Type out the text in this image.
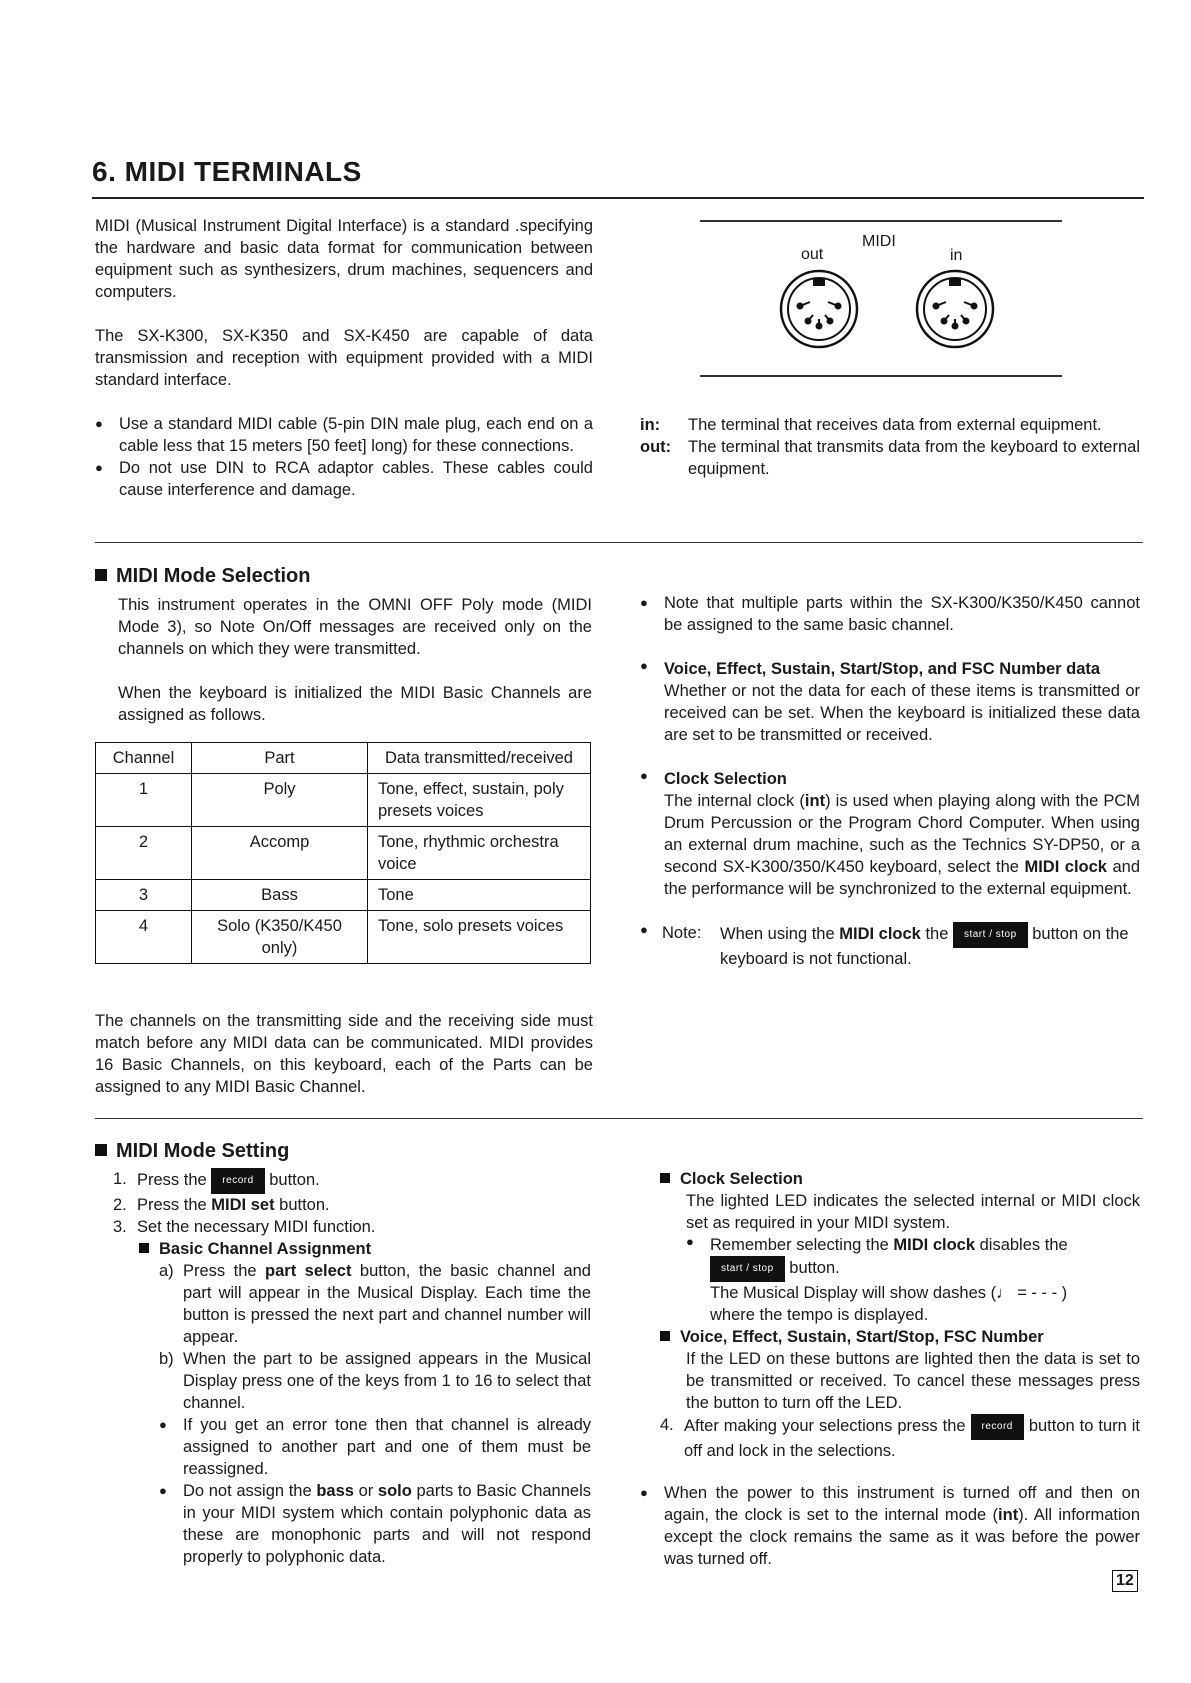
6. MIDI TERMINALS

MIDI (Musical Instrument Digital Interface) is a standard .specifying the hardware and basic data format for communication between equipment such as synthesizers, drum machines, sequencers and computers.

The SX-K300, SX-K350 and SX-K450 are capable of data transmission and reception with equipment provided with a MIDI standard interface.

● Use a standard MIDI cable (5-pin DIN male plug, each end on a cable less that 15 meters [50 feet] long) for these connections.

● Do not use DIN to RCA adaptor cables. These cables could cause interference and damage.

MIDI
out	in
in: The terminal that receives data from external equipment.

out: The terminal that transmits data from the keyboard to external equipment.

MIDI Mode Selection

This instrument operates in the OMNI OFF Poly mode (MIDI Mode 3), so Note On/Off messages are received only on the channels on which they were transmitted.

When the keyboard is initialized the MIDI Basic Channels are assigned as follows.

Channel	Part	Data transmitted/received
1	Poly	Tone, effect, sustain, poly presets voices
2	Accomp	Tone, rhythmic orchestra voice
3	Bass	Tone
4	Solo (K350/K450 only)	Tone, solo presets voices

The channels on the transmitting side and the receiving side must match before any MIDI data can be communicated. MIDI provides 16 Basic Channels, on this keyboard, each of the Parts can be assigned to any MIDI Basic Channel.

● Note that multiple parts within the SX-K300/K350/K450 cannot be assigned to the same basic channel.

● Voice, Effect, Sustain, Start/Stop, and FSC Number data

Whether or not the data for each of these items is transmitted or received can be set. When the keyboard is initialized these data are set to be transmitted or received.

● Clock Selection

The internal clock (int) is used when playing along with the PCM Drum Percussion or the Program Chord Computer. When using an external drum machine, such as the Technics SY-DP50, or a second SX-K300/350/K450 keyboard, select the MIDI clock and the performance will be synchronized to the external equipment.

● Note: When using the MIDI clock the start / stop button on the keyboard is not functional.

MIDI Mode Setting

1. Press the record button.

2. Press the MIDI set button.

3. Set the necessary MIDI function.

Basic Channel Assignment

a) Press the part select button, the basic channel and part will appear in the Musical Display. Each time the button is pressed the next part and channel number will appear.

b) When the part to be assigned appears in the Musical Display press one of the keys from 1 to 16 to select that channel.

● If you get an error tone then that channel is already assigned to another part and one of them must be reassigned.

● Do not assign the bass or solo parts to Basic Channels in your MIDI system which contain polyphonic data as these are monophonic parts and will not respond properly to polyphonic data.

Clock Selection

The lighted LED indicates the selected internal or MIDI clock set as required in your MIDI system.

● Remember selecting the MIDI clock disables the
start / stop button.

The Musical Display will show dashes (♩ = - - - )
where the tempo is displayed.

Voice, Effect, Sustain, Start/Stop, FSC Number

If the LED on these buttons are lighted then the data is set to be transmitted or received. To cancel these messages press the button to turn off the LED.

4. After making your selections press the record button to turn it off and lock in the selections.

● When the power to this instrument is turned off and then on again, the clock is set to the internal mode (int). All information except the clock remains the same as it was before the power was turned off.

12
